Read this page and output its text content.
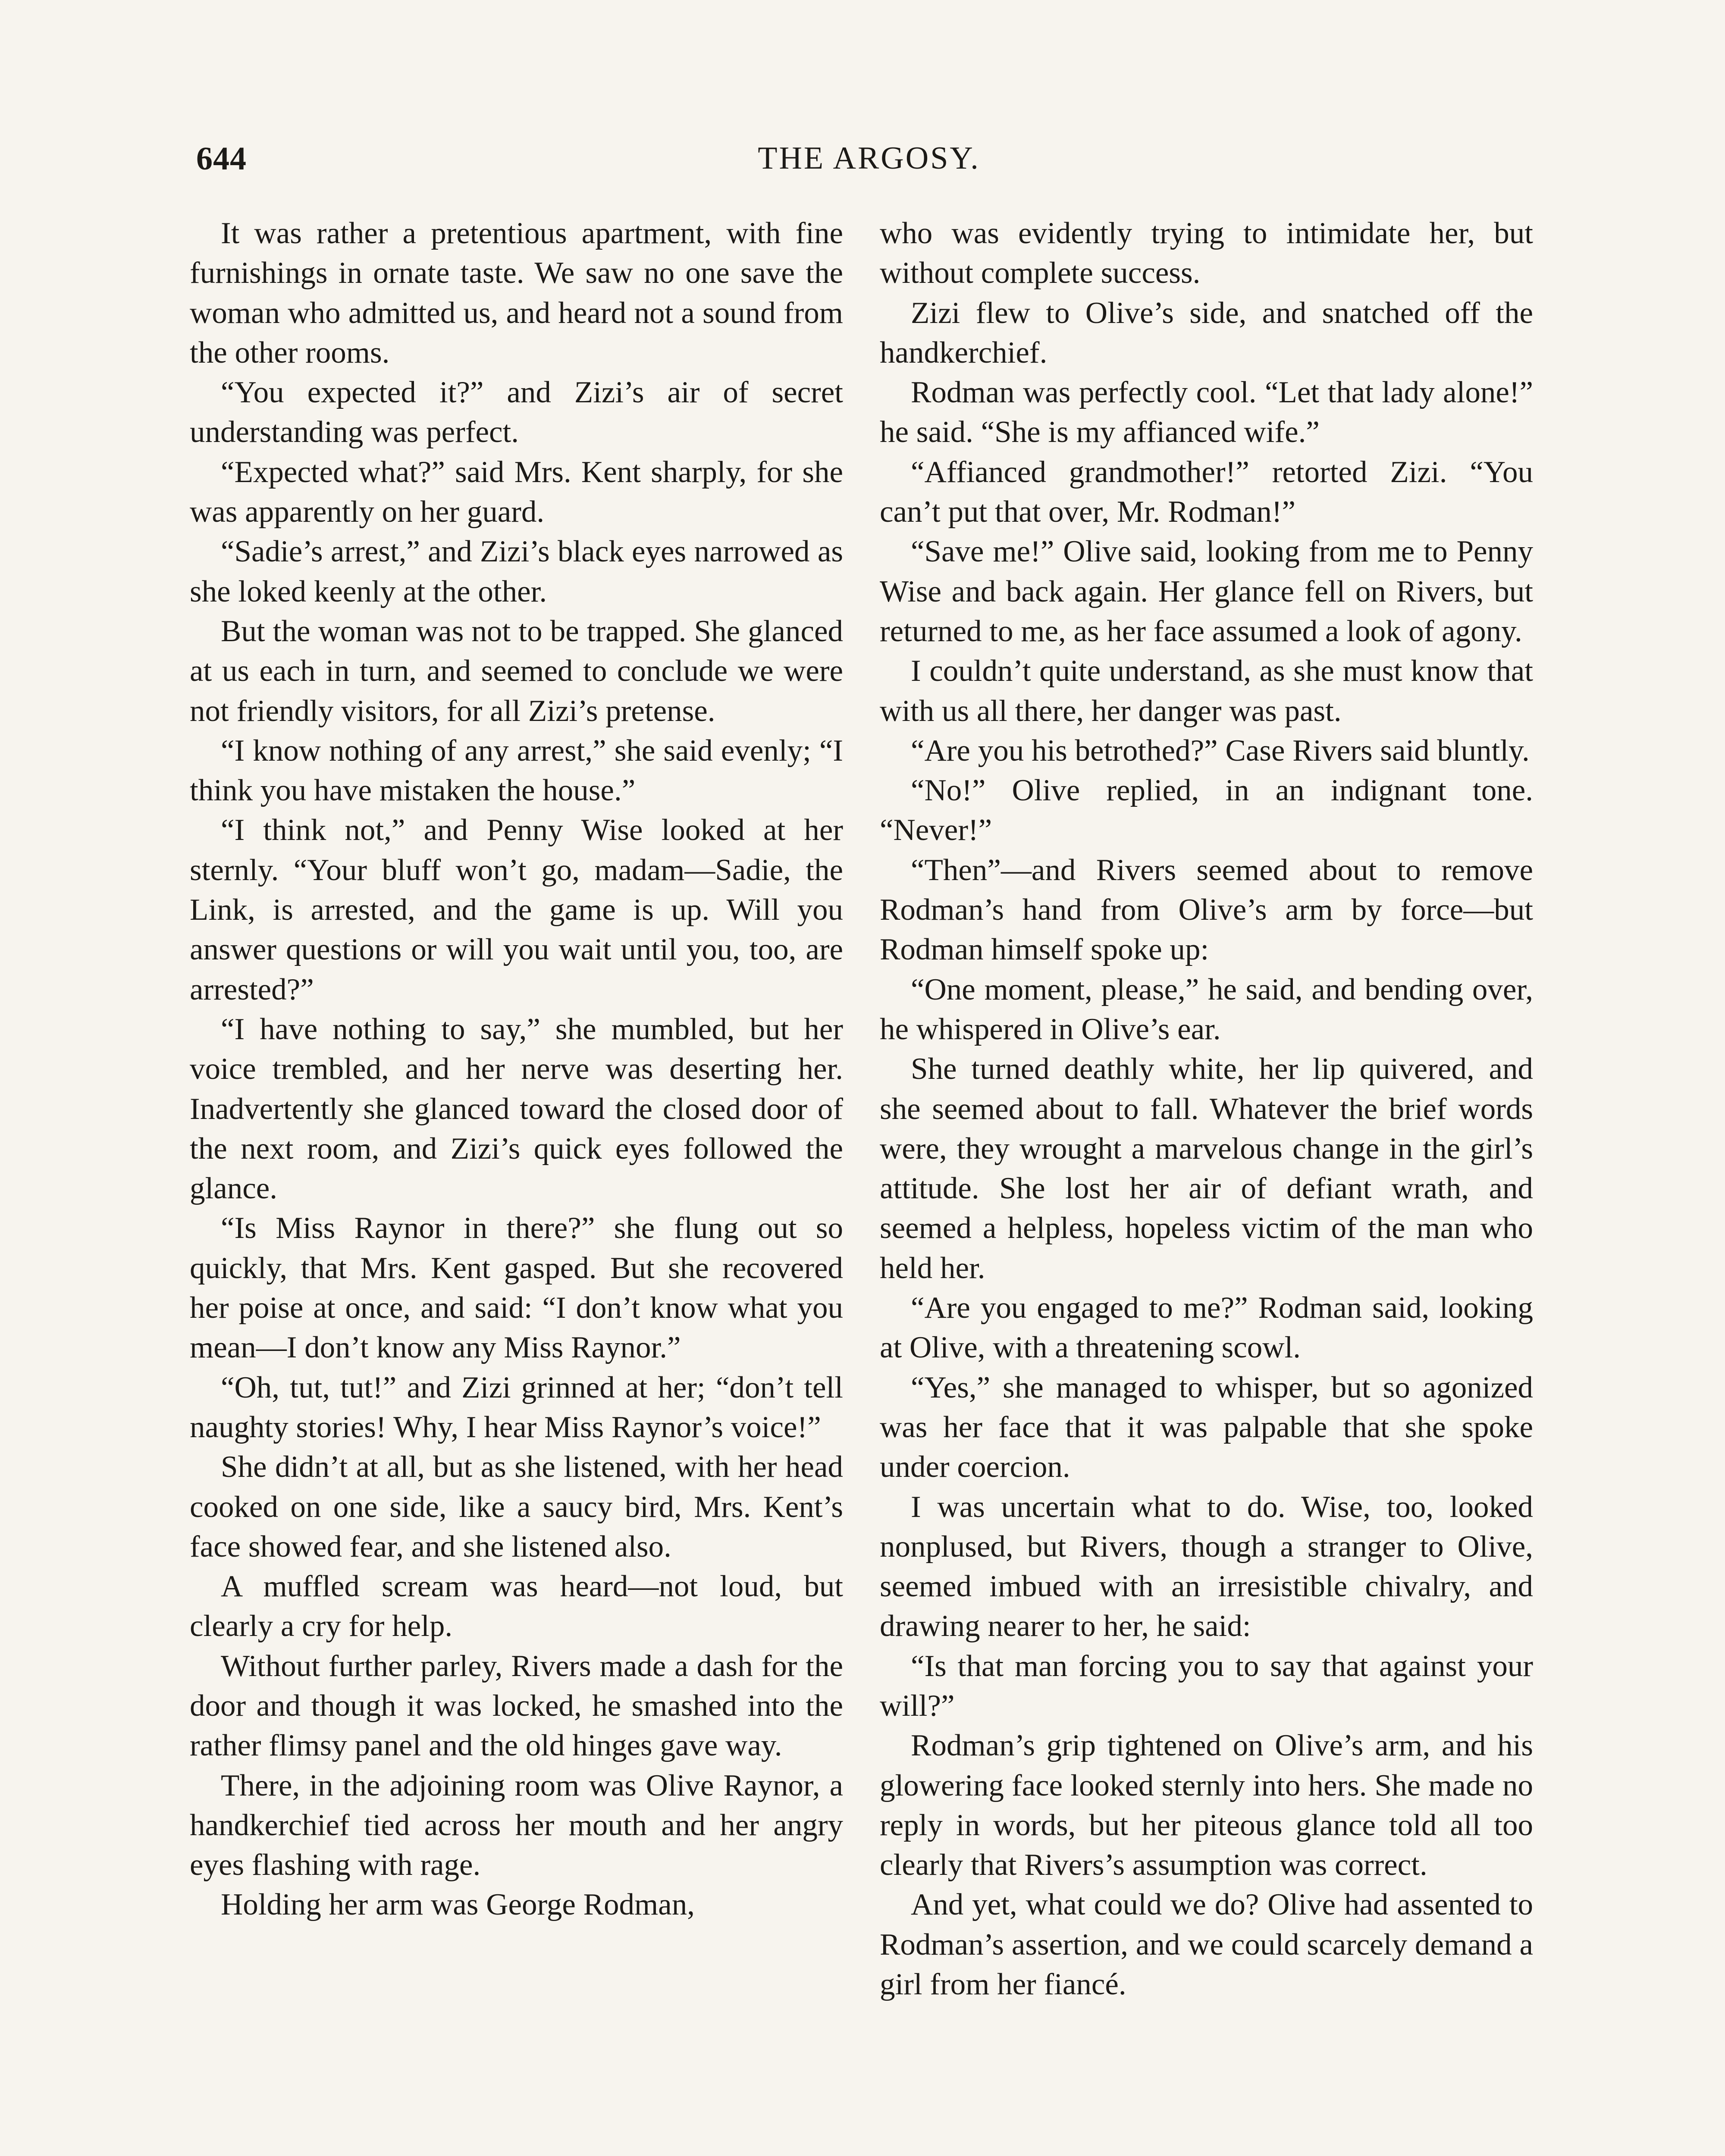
644	THE ARGOSY.

It was rather a pretentious apartment, with fine furnishings in ornate taste. We saw no one save the woman who admitted us, and heard not a sound from the other rooms.

“You expected it?” and Zizi’s air of secret understanding was perfect.

“Expected what?” said Mrs. Kent sharply, for she was apparently on her guard.

“Sadie’s arrest,” and Zizi’s black eyes narrowed as she loked keenly at the other.

But the woman was not to be trapped. She glanced at us each in turn, and seemed to conclude we were not friendly visitors, for all Zizi’s pretense.

“I know nothing of any arrest,” she said evenly; “I think you have mistaken the house.”

“I think not,” and Penny Wise looked at her sternly. “Your bluff won’t go, madam—Sadie, the Link, is arrested, and the game is up. Will you answer questions or will you wait until you, too, are arrested?”

“I have nothing to say,” she mumbled, but her voice trembled, and her nerve was deserting her. Inadvertently she glanced toward the closed door of the next room, and Zizi’s quick eyes followed the glance.

“Is Miss Raynor in there?” she flung out so quickly, that Mrs. Kent gasped. But she recovered her poise at once, and said: “I don’t know what you mean—I don’t know any Miss Raynor.”

“Oh, tut, tut!” and Zizi grinned at her; “don’t tell naughty stories! Why, I hear Miss Raynor’s voice!”

She didn’t at all, but as she listened, with her head cooked on one side, like a saucy bird, Mrs. Kent’s face showed fear, and she listened also.

A muffled scream was heard—not loud, but clearly a cry for help.

Without further parley, Rivers made a dash for the door and though it was locked, he smashed into the rather flimsy panel and the old hinges gave way.

There, in the adjoining room was Olive Raynor, a handkerchief tied across her mouth and her angry eyes flashing with rage.

Holding her arm was George Rodman,

who was evidently trying to intimidate her, but without complete success.

Zizi flew to Olive’s side, and snatched off the handkerchief.

Rodman was perfectly cool. “Let that lady alone!” he said. “She is my affianced wife.”

“Affianced grandmother!” retorted Zizi. “You can’t put that over, Mr. Rodman!”

“Save me!” Olive said, looking from me to Penny Wise and back again. Her glance fell on Rivers, but returned to me, as her face assumed a look of agony.

I couldn’t quite understand, as she must know that with us all there, her danger was past.

“Are you his betrothed?” Case Rivers said bluntly.

“No!” Olive replied, in an indignant tone. “Never!”

“Then”—and Rivers seemed about to remove Rodman’s hand from Olive’s arm by force—but Rodman himself spoke up:

“One moment, please,” he said, and bending over, he whispered in Olive’s ear.

She turned deathly white, her lip quivered, and she seemed about to fall. Whatever the brief words were, they wrought a marvelous change in the girl’s attitude. She lost her air of defiant wrath, and seemed a helpless, hopeless victim of the man who held her.

“Are you engaged to me?” Rodman said, looking at Olive, with a threatening scowl.

“Yes,” she managed to whisper, but so agonized was her face that it was palpable that she spoke under coercion.

I was uncertain what to do. Wise, too, looked nonplused, but Rivers, though a stranger to Olive, seemed imbued with an irresistible chivalry, and drawing nearer to her, he said:

“Is that man forcing you to say that against your will?”

Rodman’s grip tightened on Olive’s arm, and his glowering face looked sternly into hers. She made no reply in words, but her piteous glance told all too clearly that Rivers’s assumption was correct.

And yet, what could we do? Olive had assented to Rodman’s assertion, and we could scarcely demand a girl from her fiancé.
